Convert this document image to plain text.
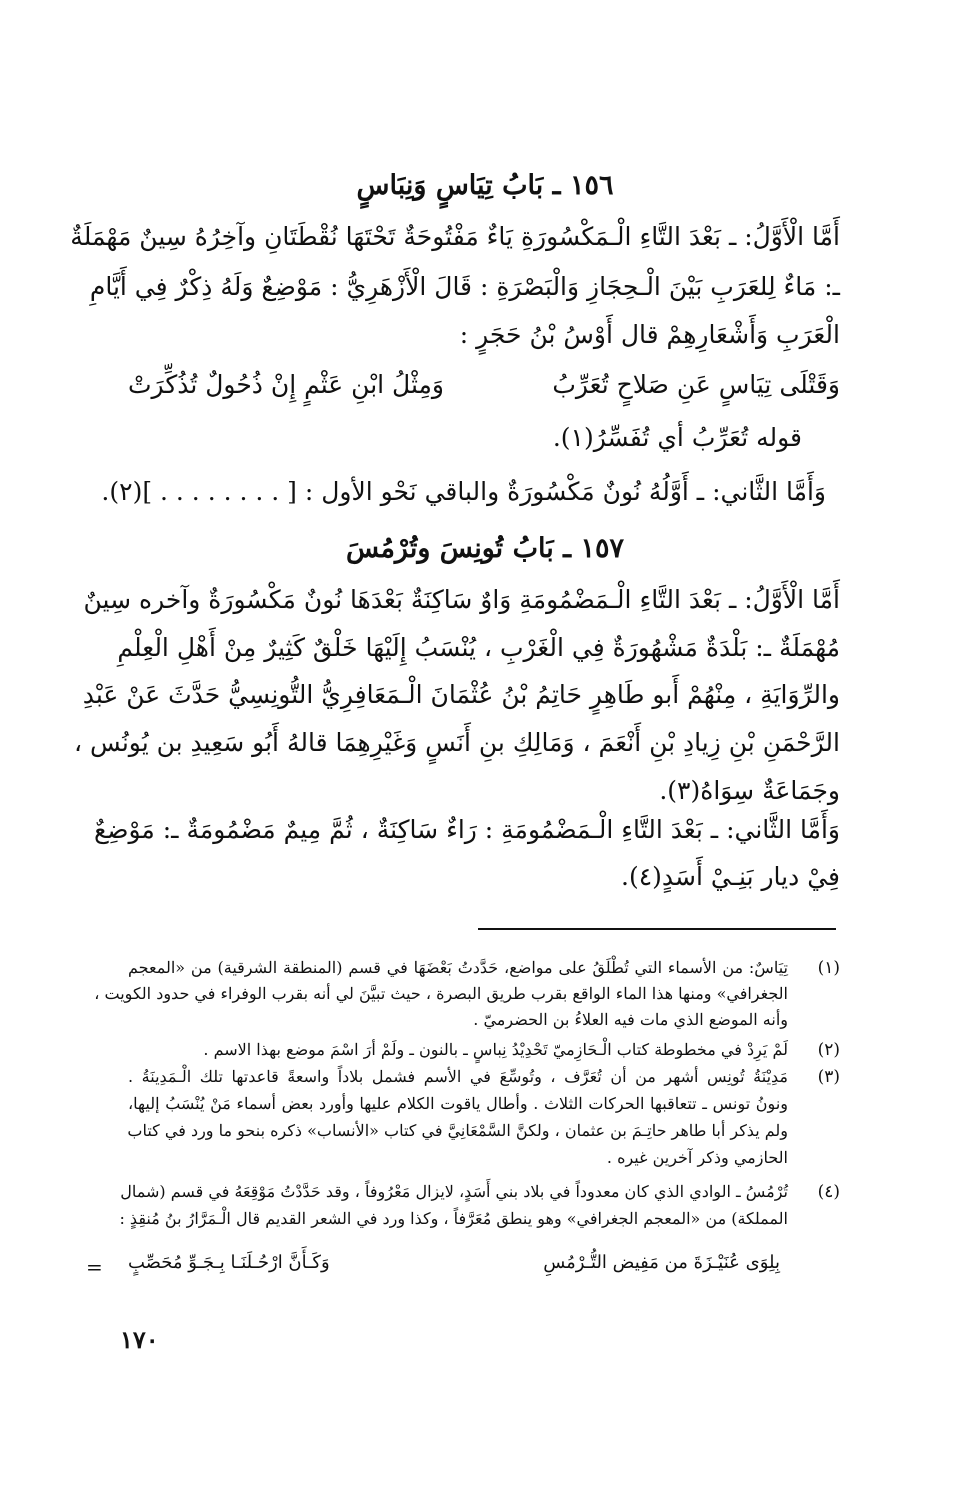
١٥٦ ـ بَابُ تِيَاسٍ وَنِبَاسٍ
أَمَّا الْأَوَّلُ: ـ بَعْدَ التَّاءِ الْـمَكْسُورَةِ يَاءٌ مَفْتُوحَةٌ تَحْتَهَا نُقْطَتَانِ وآخِرُهُ سِينٌ مَهْمَلَةٌ
ـ: مَاءٌ لِلعَرَبِ بَيْنَ الْـحِجَازِ وَالْبَصْرَةِ : قَالَ الْأَزْهَرِيُّ : مَوْضِعٌ وَلَهُ ذِكْرٌ فِي أَيَّامِ
الْعَرَبِ وَأَشْعَارِهِمْ قال أَوْسُ بْنُ حَجَرٍ :
وَمِثْلُ ابْنِ عَثْمٍ إِنْ ذُحُولٌ تُذُكِّرَتْ	وَقَتْلَى تِيَاسٍ عَنِ صَلاحٍ تُعَرِّبُ
قوله تُعَرِّبُ أي تُفَسِّرُ(١).
وَأَمَّا الثَّاني: ـ أَوَّلُهُ نُونٌ مَكْسُورَةٌ والباقي نَحْو الأول : [ . . . . . . . . ](٢).
١٥٧ ـ بَابُ تُونِسَ وتُرْمُسَ
أَمَّا الْأَوَّلُ: ـ بَعْدَ التَّاءِ الْـمَضْمُومَةِ وَاوٌ سَاكِنَةٌ بَعْدَهَا نُونٌ مَكْسُورَةٌ وآخره سِينٌ
مُهْمَلَةٌ ـ: بَلْدَةٌ مَشْهُورَةٌ فِي الْغَرْبِ ، يُنْسَبُ إِلَيْهَا خَلْقٌ كَثِيرٌ مِنْ أَهْلِ الْعِلْمِ
والرِّوَايَةِ ، مِنْهُمْ أَبو طَاهِرٍ حَاتِمُ بْنُ عُثْمَانَ الْـمَعَافِرِيُّ التُّونِسِيُّ حَدَّثَ عَنْ عَبْدِ
الرَّحْمَنِ بْنِ زِيادِ بْنِ أَنْعَمَ ، وَمَالِكِ بنِ أَنَسٍ وَغَيْرِهِمَا قالهُ أَبُو سَعِيدِ بن يُونُس ،
وجَمَاعَةٌ سِوَاهُ(٣).
وَأَمَّا الثَّاني: ـ بَعْدَ التَّاءِ الْـمَضْمُومَةِ : رَاءٌ سَاكِنَةٌ ، ثُمَّ مِيمٌ مَضْمُومَةٌ ـ: مَوْضِعٌ
فِيْ ديار بَنِـيْ أَسَدٍ(٤).
(١)
تِيَاسٌ: من الأسماء التي تُطْلَقُ على مواضع، حَدَّدتُ بَعْضَهَا في قسم (المنطقة الشرقية) من «المعجم
الجغرافي» ومنها هذا الماء الواقع بقرب طريق البصرة ، حيث تبيَّنَ لي أنه بقرب الوفراء في حدود الكويت ،
وأنه الموضع الذي مات فيه العلاءُ بن الحضرميّ .
(٢)
لَمْ يَرِدْ في مخطوطة كتاب الْـحَازِميّ تَحْدِيْدُ نِباسٍ ـ بالنون ـ ولَمْ أرَ اسْمَ موضع بهذا الاسم .
(٣)
مَدِيْنَةُ تُونِس أشهر من أن تُعَرَّف ، وتُوسِّعَ في الأسم فشمل بلاداً واسعةً قاعدتها تلك الْـمَدِينَةُ .
ونونُ تونس ـ تتعاقبها الحركات الثلاث . وأطال ياقوت الكلام عليها وأورد بعض أسماء مَنْ يُنْسَبُ إليها،
ولم يذكر أبا طاهر حاتِـمَ بن عثمان ، ولكنَّ السَّمْعَانِيَّ في كتاب «الأنساب» ذكره بنحو ما ورد في كتاب
الحازمي وذكر آخرين غيره .
(٤)
تُرْمُسُ ـ الوادي الذي كان معدوداً في بلاد بني أَسَدٍ، لايزال مَعْرُوفاً ، وقد حَدَّدْتُ مَوْقِعَهُ في قسم (شمال
المملكة) من «المعجم الجغرافي» وهو ينطق مُعَرَّفاً ، وكذا ورد في الشعر القديم قال الْـمَرَّارُ بنُ مُنقِذٍ :
وَكَـأَنَّ ارْحُـلَنَـا بِـجَـوِّ مُحَصِّبٍ	بِلِوَى عُنَيْـزَةَ من مَفِيض التُّـرْمُسِ
=
١٧٠
